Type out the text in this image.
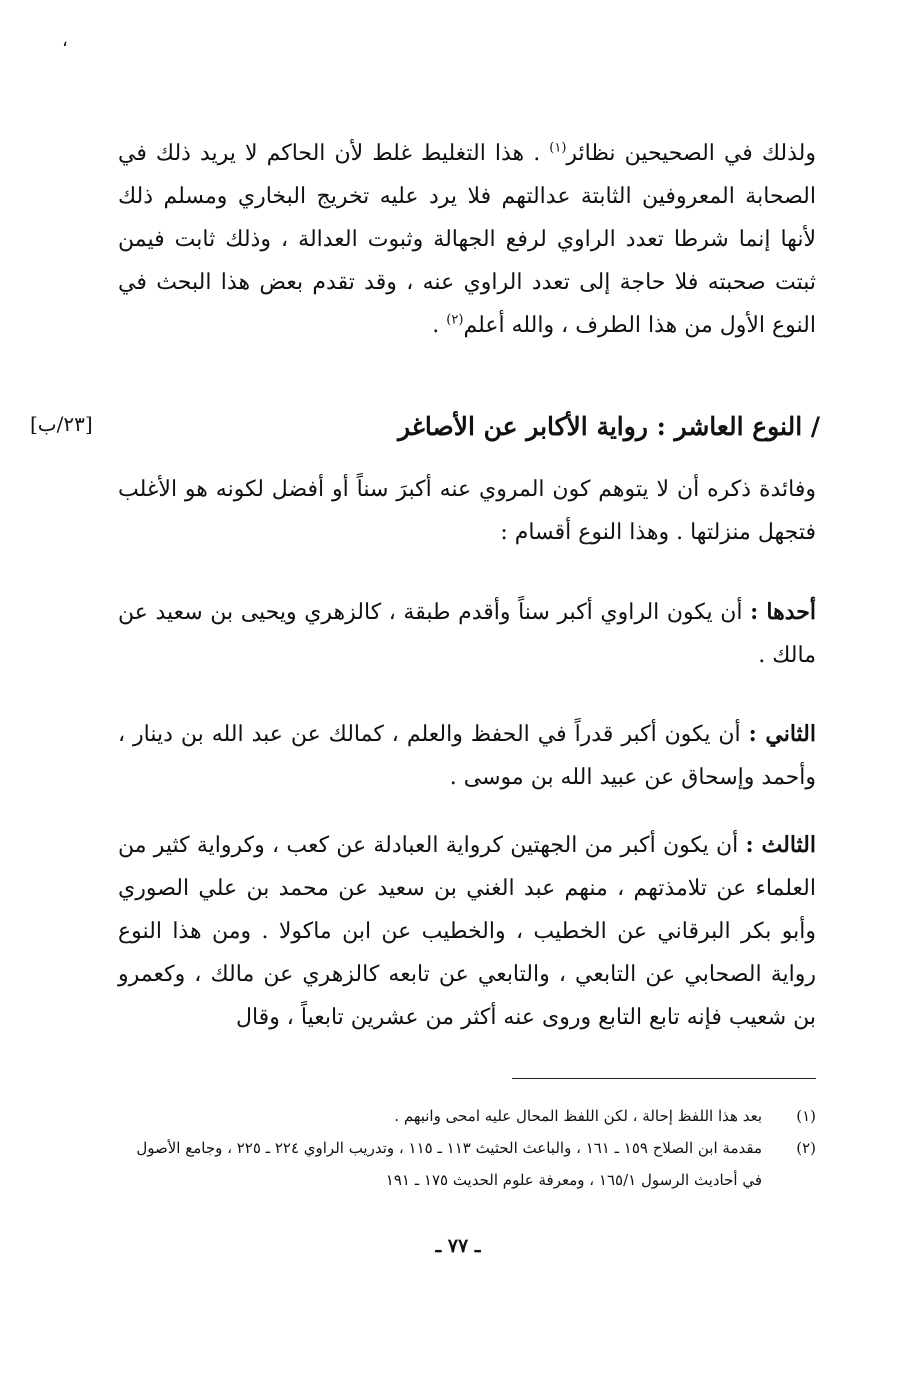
،

ولذلك في الصحيحين نظائر$^{(١)}$ . هذا التغليط غلط لأن الحاكم لا يريد ذلك في الصحابة المعروفين الثابتة عدالتهم فلا يرد عليه تخريج البخاري ومسلم ذلك لأنها إنما شرطا تعدد الراوي لرفع الجهالة وثبوت العدالة ، وذلك ثابت فيمن ثبتت صحبته فلا حاجة إلى تعدد الراوي عنه ، وقد تقدم بعض هذا البحث في النوع الأول من هذا الطرف ، والله أعلم$^{(٢)}$ .

/ النوع العاشر : رواية الأكابر عن الأصاغر
[٢٣/ب]

وفائدة ذكره أن لا يتوهم كون المروي عنه أكبرَ سناً أو أفضل لكونه هو الأغلب فتجهل منزلتها . وهذا النوع أقسام :

أحدها : أن يكون الراوي أكبر سناً وأقدم طبقة ، كالزهري ويحيى بن سعيد عن مالك .

الثاني : أن يكون أكبر قدراً في الحفظ والعلم ، كمالك عن عبد الله بن دينار ، وأحمد وإسحاق عن عبيد الله بن موسى .

الثالث : أن يكون أكبر من الجهتين كرواية العبادلة عن كعب ، وكرواية كثير من العلماء عن تلامذتهم ، منهم عبد الغني بن سعيد عن محمد بن علي الصوري وأبو بكر البرقاني عن الخطيب ، والخطيب عن ابن ماكولا . ومن هذا النوع رواية الصحابي عن التابعي ، والتابعي عن تابعه كالزهري عن مالك ، وكعمرو بن شعيب فإنه تابع التابع وروى عنه أكثر من عشرين تابعياً ، وقال

(١)
بعد هذا اللفظ إحالة ، لكن اللفظ المحال عليه امحى وانبهم .
(٢)
مقدمة ابن الصلاح ١٥٩ ـ ١٦١ ، والباعث الحثيث ١١٣ ـ ١١٥ ، وتدريب الراوي ٢٢٤ ـ ٢٢٥ ، وجامع الأصول في أحاديث الرسول ١٦٥/١ ، ومعرفة علوم الحديث ١٧٥ ـ ١٩١
ـ ٧٧ ـ
